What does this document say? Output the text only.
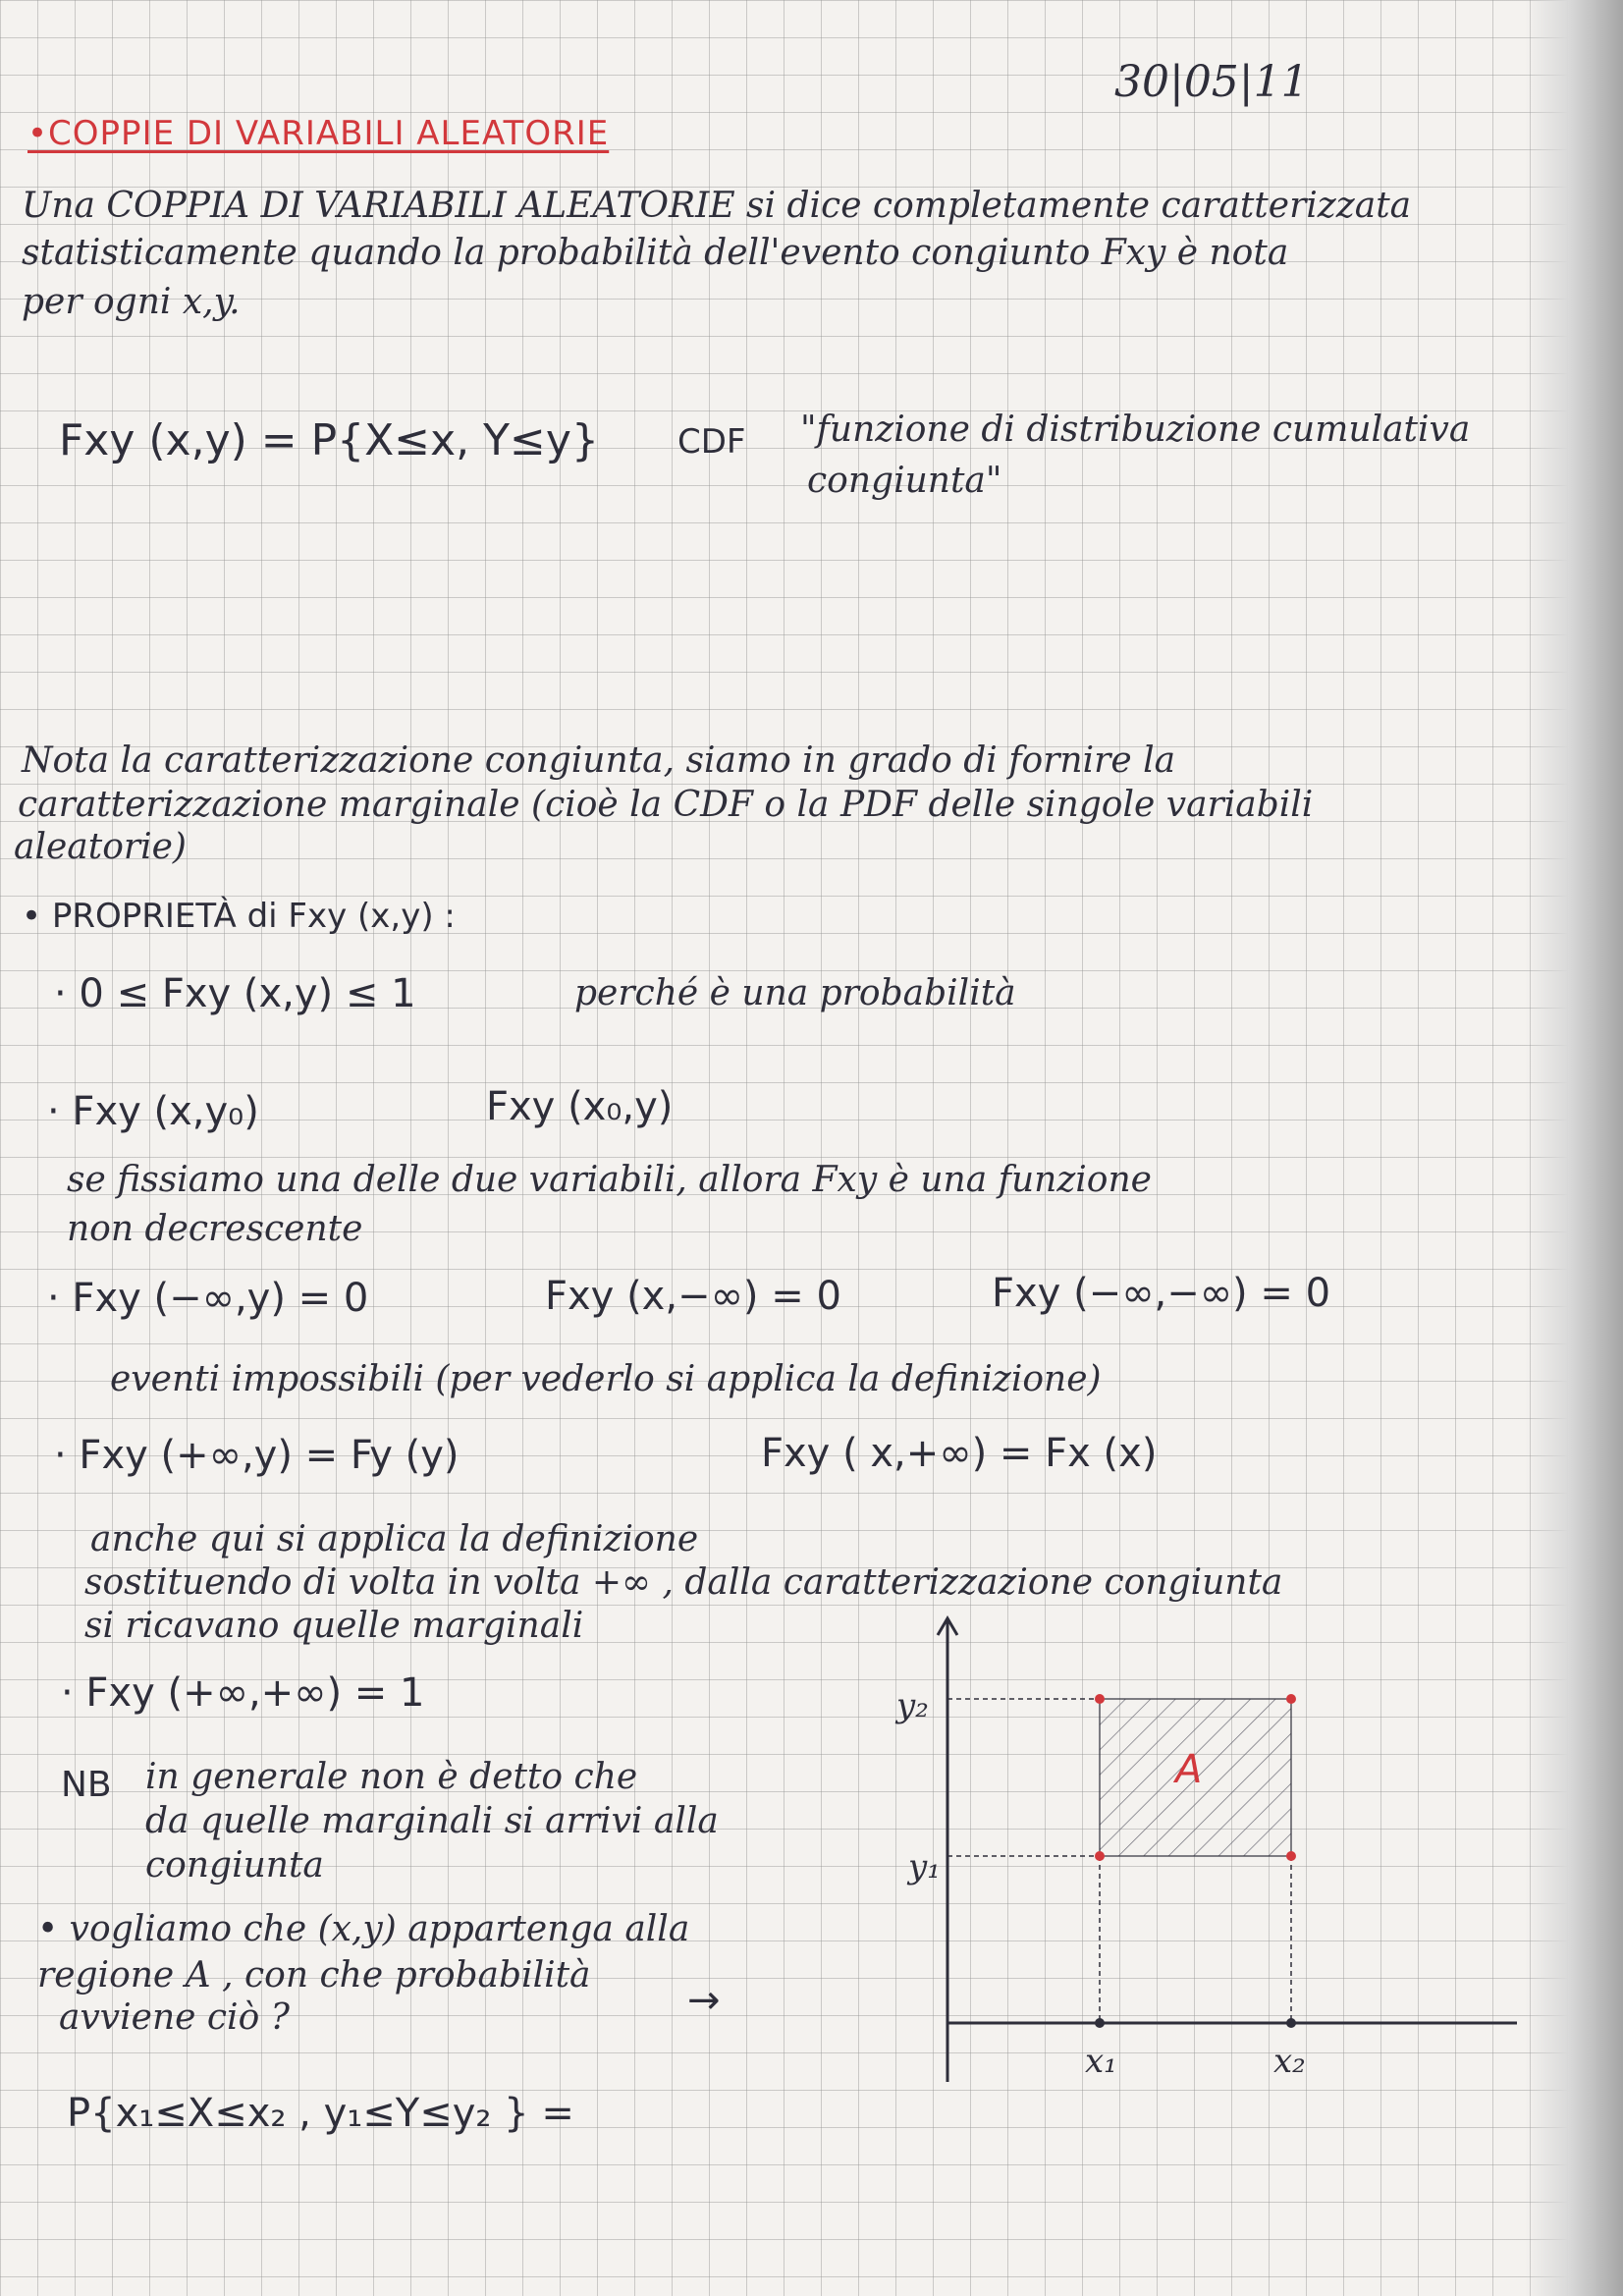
30|05|11
•COPPIE DI VARIABILI ALEATORIE
Una COPPIA DI VARIABILI ALEATORIE si dice completamente caratterizzata
statisticamente quando la probabilità dell'evento congiunto Fxy è nota
per ogni x,y.
Fxy (x,y) = P{X≤x, Y≤y} CDF "funzione di distribuzione cumulativa
congiunta"
Nota la caratterizzazione congiunta, siamo in grado di fornire la
caratterizzazione marginale (cioè la CDF o la PDF delle singole variabili
aleatorie)
• PROPRIETÀ di Fxy (x,y) :
· 0 ≤ Fxy (x,y) ≤ 1	perché è una probabilità
· Fxy (x,y₀)	Fxy (x₀,y)
se fissiamo una delle due variabili, allora Fxy è una funzione
non decrescente
· Fxy (−∞,y) = 0	Fxy (x,−∞) = 0	Fxy (−∞,−∞) = 0
eventi impossibili (per vederlo si applica la definizione)
· Fxy (+∞,y) = Fy (y)	Fxy ( x,+∞) = Fx (x)
anche qui si applica la definizione
sostituendo di volta in volta +∞ , dalla caratterizzazione congiunta
si ricavano quelle marginali
· Fxy (+∞,+∞) = 1
NB in generale non è detto che
da quelle marginali si arrivi alla
congiunta
• vogliamo che (x,y) appartenga alla
regione A , con che probabilità
avviene ciò ?	→
P{x₁≤X≤x₂ , y₁≤Y≤y₂ } =
y₂
y₁
x₁	x₂
A
